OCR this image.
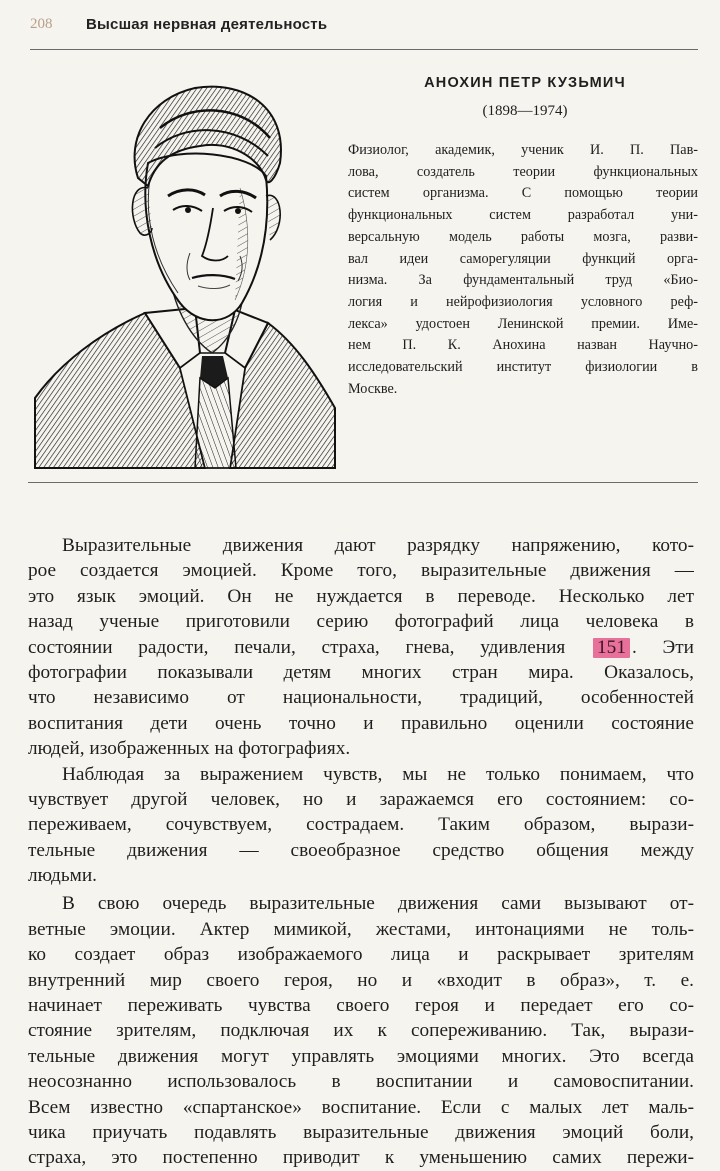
208 Высшая нервная деятельность
АНОХИН ПЕТР КУЗЬМИЧ
(1898—1974)
Физиолог, академик, ученик И. П. Пав-
лова, создатель теории функциональных
систем организма. С помощью теории
функциональных систем разработал уни-
версальную модель работы мозга, разви-
вал идеи саморегуляции функций орга-
низма. За фундаментальный труд «Био-
логия и нейрофизиология условного реф-
лекса» удостоен Ленинской премии. Име-
нем П. К. Анохина назван Научно-
исследовательский институт физиологии в
Москве.
Выразительные движения дают разрядку напряжению, кото-
рое создается эмоцией. Кроме того, выразительные движения —
это язык эмоций. Он не нуждается в переводе. Несколько лет
назад ученые приготовили серию фотографий лица человека в
состоянии радости, печали, страха, гнева, удивления 151 . Эти
фотографии показывали детям многих стран мира. Оказалось,
что независимо от национальности, традиций, особенностей
воспитания дети очень точно и правильно оценили состояние
людей, изображенных на фотографиях.
Наблюдая за выражением чувств, мы не только понимаем, что
чувствует другой человек, но и заражаемся его состоянием: со-
переживаем, сочувствуем, сострадаем. Таким образом, вырази-
тельные движения — своеобразное средство общения между
людьми.
В свою очередь выразительные движения сами вызывают от-
ветные эмоции. Актер мимикой, жестами, интонациями не толь-
ко создает образ изображаемого лица и раскрывает зрителям
внутренний мир своего героя, но и «входит в образ», т. е.
начинает переживать чувства своего героя и передает его со-
стояние зрителям, подключая их к сопереживанию. Так, вырази-
тельные движения могут управлять эмоциями многих. Это всегда
неосознанно использовалось в воспитании и самовоспитании.
Всем известно «спартанское» воспитание. Если с малых лет маль-
чика приучать подавлять выразительные движения эмоций боли,
страха, это постепенно приводит к уменьшению самих пережи-
